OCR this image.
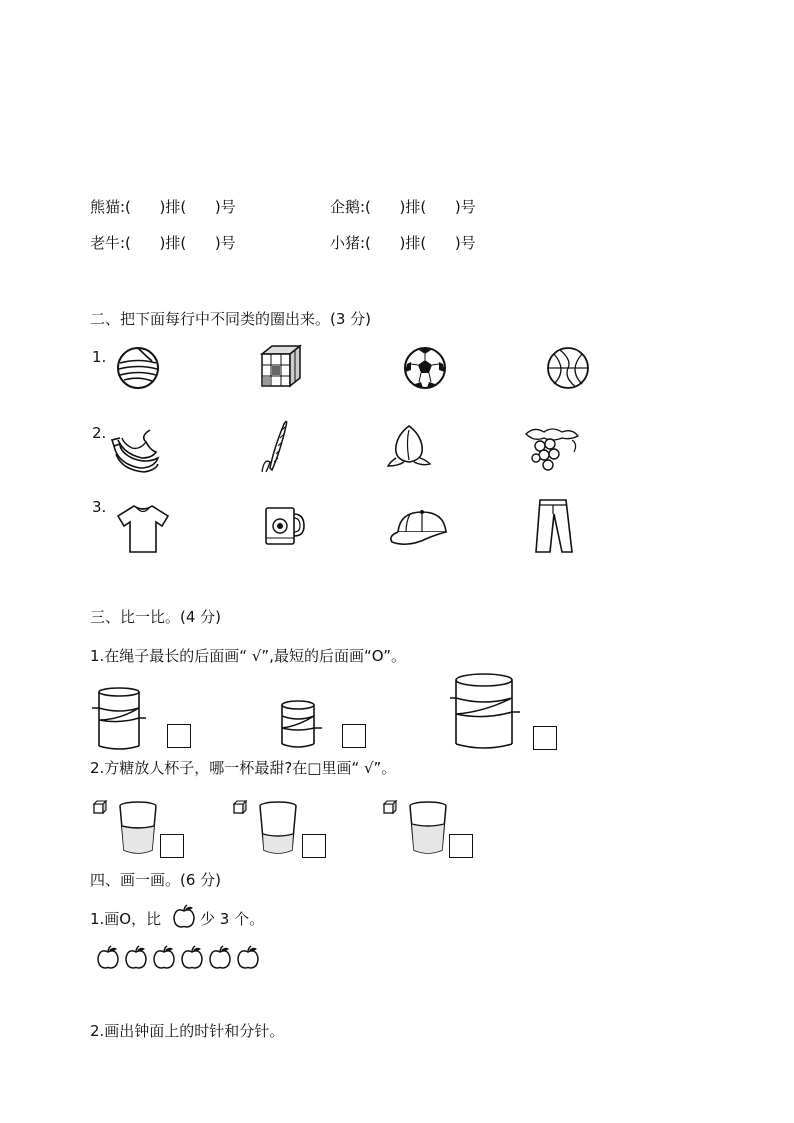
熊猫:(      )排(      )号	企鹅:(      )排(      )号
老牛:(      )排(      )号	小猪:(      )排(      )号
二、把下面每行中不同类的圈出来。(3 分)
1.
2.
3.
三、比一比。(4 分)
1.在绳子最长的后面画“ √”,最短的后面画“O”。
2.方糖放人杯子，哪一杯最甜?在□里画“ √”。
四、画一画。(6 分)
1.画O，比	少 3 个。
2.画出钟面上的时针和分针。
